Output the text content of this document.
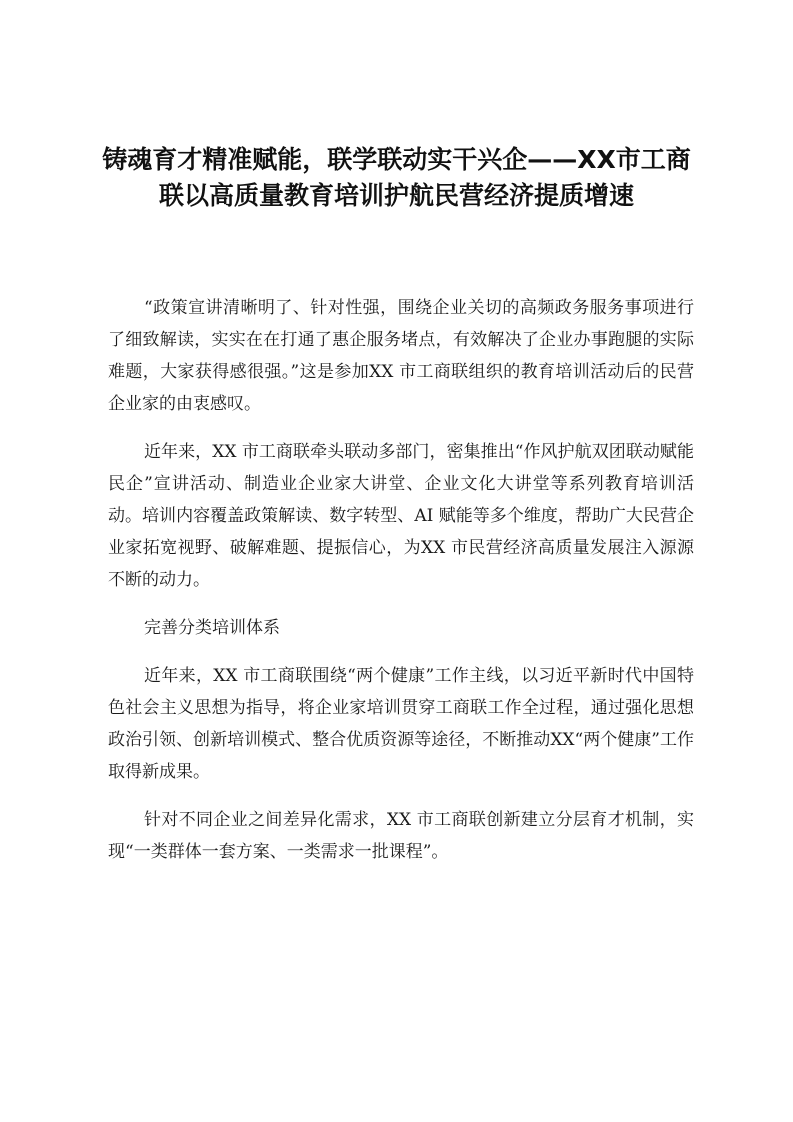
铸魂育才精准赋能，联学联动实干兴企——XX市工商联以高质量教育培训护航民营经济提质增速

“政策宣讲清晰明了、针对性强，围绕企业关切的高频政务服务事项进行了细致解读，实实在在打通了惠企服务堵点，有效解决了企业办事跑腿的实际难题，大家获得感很强。”这是参加XX 市工商联组织的教育培训活动后的民营企业家的由衷感叹。

近年来，XX 市工商联牵头联动多部门，密集推出“作风护航双团联动赋能民企”宣讲活动、制造业企业家大讲堂、企业文化大讲堂等系列教育培训活动。培训内容覆盖政策解读、数字转型、AI 赋能等多个维度，帮助广大民营企业家拓宽视野、破解难题、提振信心，为XX 市民营经济高质量发展注入源源不断的动力。

完善分类培训体系

近年来，XX 市工商联围绕“两个健康”工作主线，以习近平新时代中国特色社会主义思想为指导，将企业家培训贯穿工商联工作全过程，通过强化思想政治引领、创新培训模式、整合优质资源等途径，不断推动XX“两个健康”工作取得新成果。

针对不同企业之间差异化需求，XX 市工商联创新建立分层育才机制，实现“一类群体一套方案、一类需求一批课程”。
